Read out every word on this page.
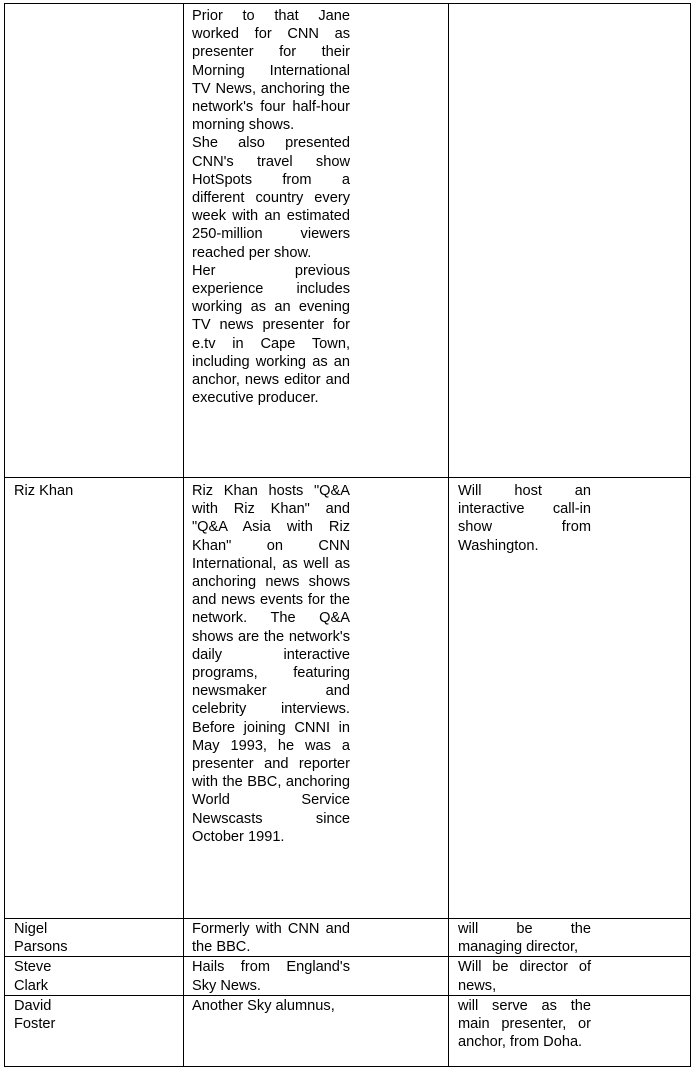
	Prior to that Jane worked for CNN as presenter for their Morning International TV News, anchoring the network's four half-hour morning shows.
She also presented CNN's travel show HotSpots from a different country every week with an estimated 250-million viewers reached per show.
Her previous experience includes working as an evening TV news presenter for e.tv in Cape Town, including working as an anchor, news editor and executive producer.	

Riz Khan	Riz Khan hosts "Q&A with Riz Khan" and "Q&A Asia with Riz Khan" on CNN International, as well as anchoring news shows and news events for the network. The Q&A shows are the network's daily interactive programs, featuring newsmaker and celebrity interviews. Before joining CNNI in May 1993, he was a presenter and reporter with the BBC, anchoring World Service Newscasts since October 1991.	Will host an interactive call-in show from Washington.

Nigel Parsons	Formerly with CNN and the BBC.	will be the managing director,

Steve Clark	Hails from England's Sky News.	Will be director of news,

David Foster	Another Sky alumnus,	will serve as the main presenter, or anchor, from Doha.
